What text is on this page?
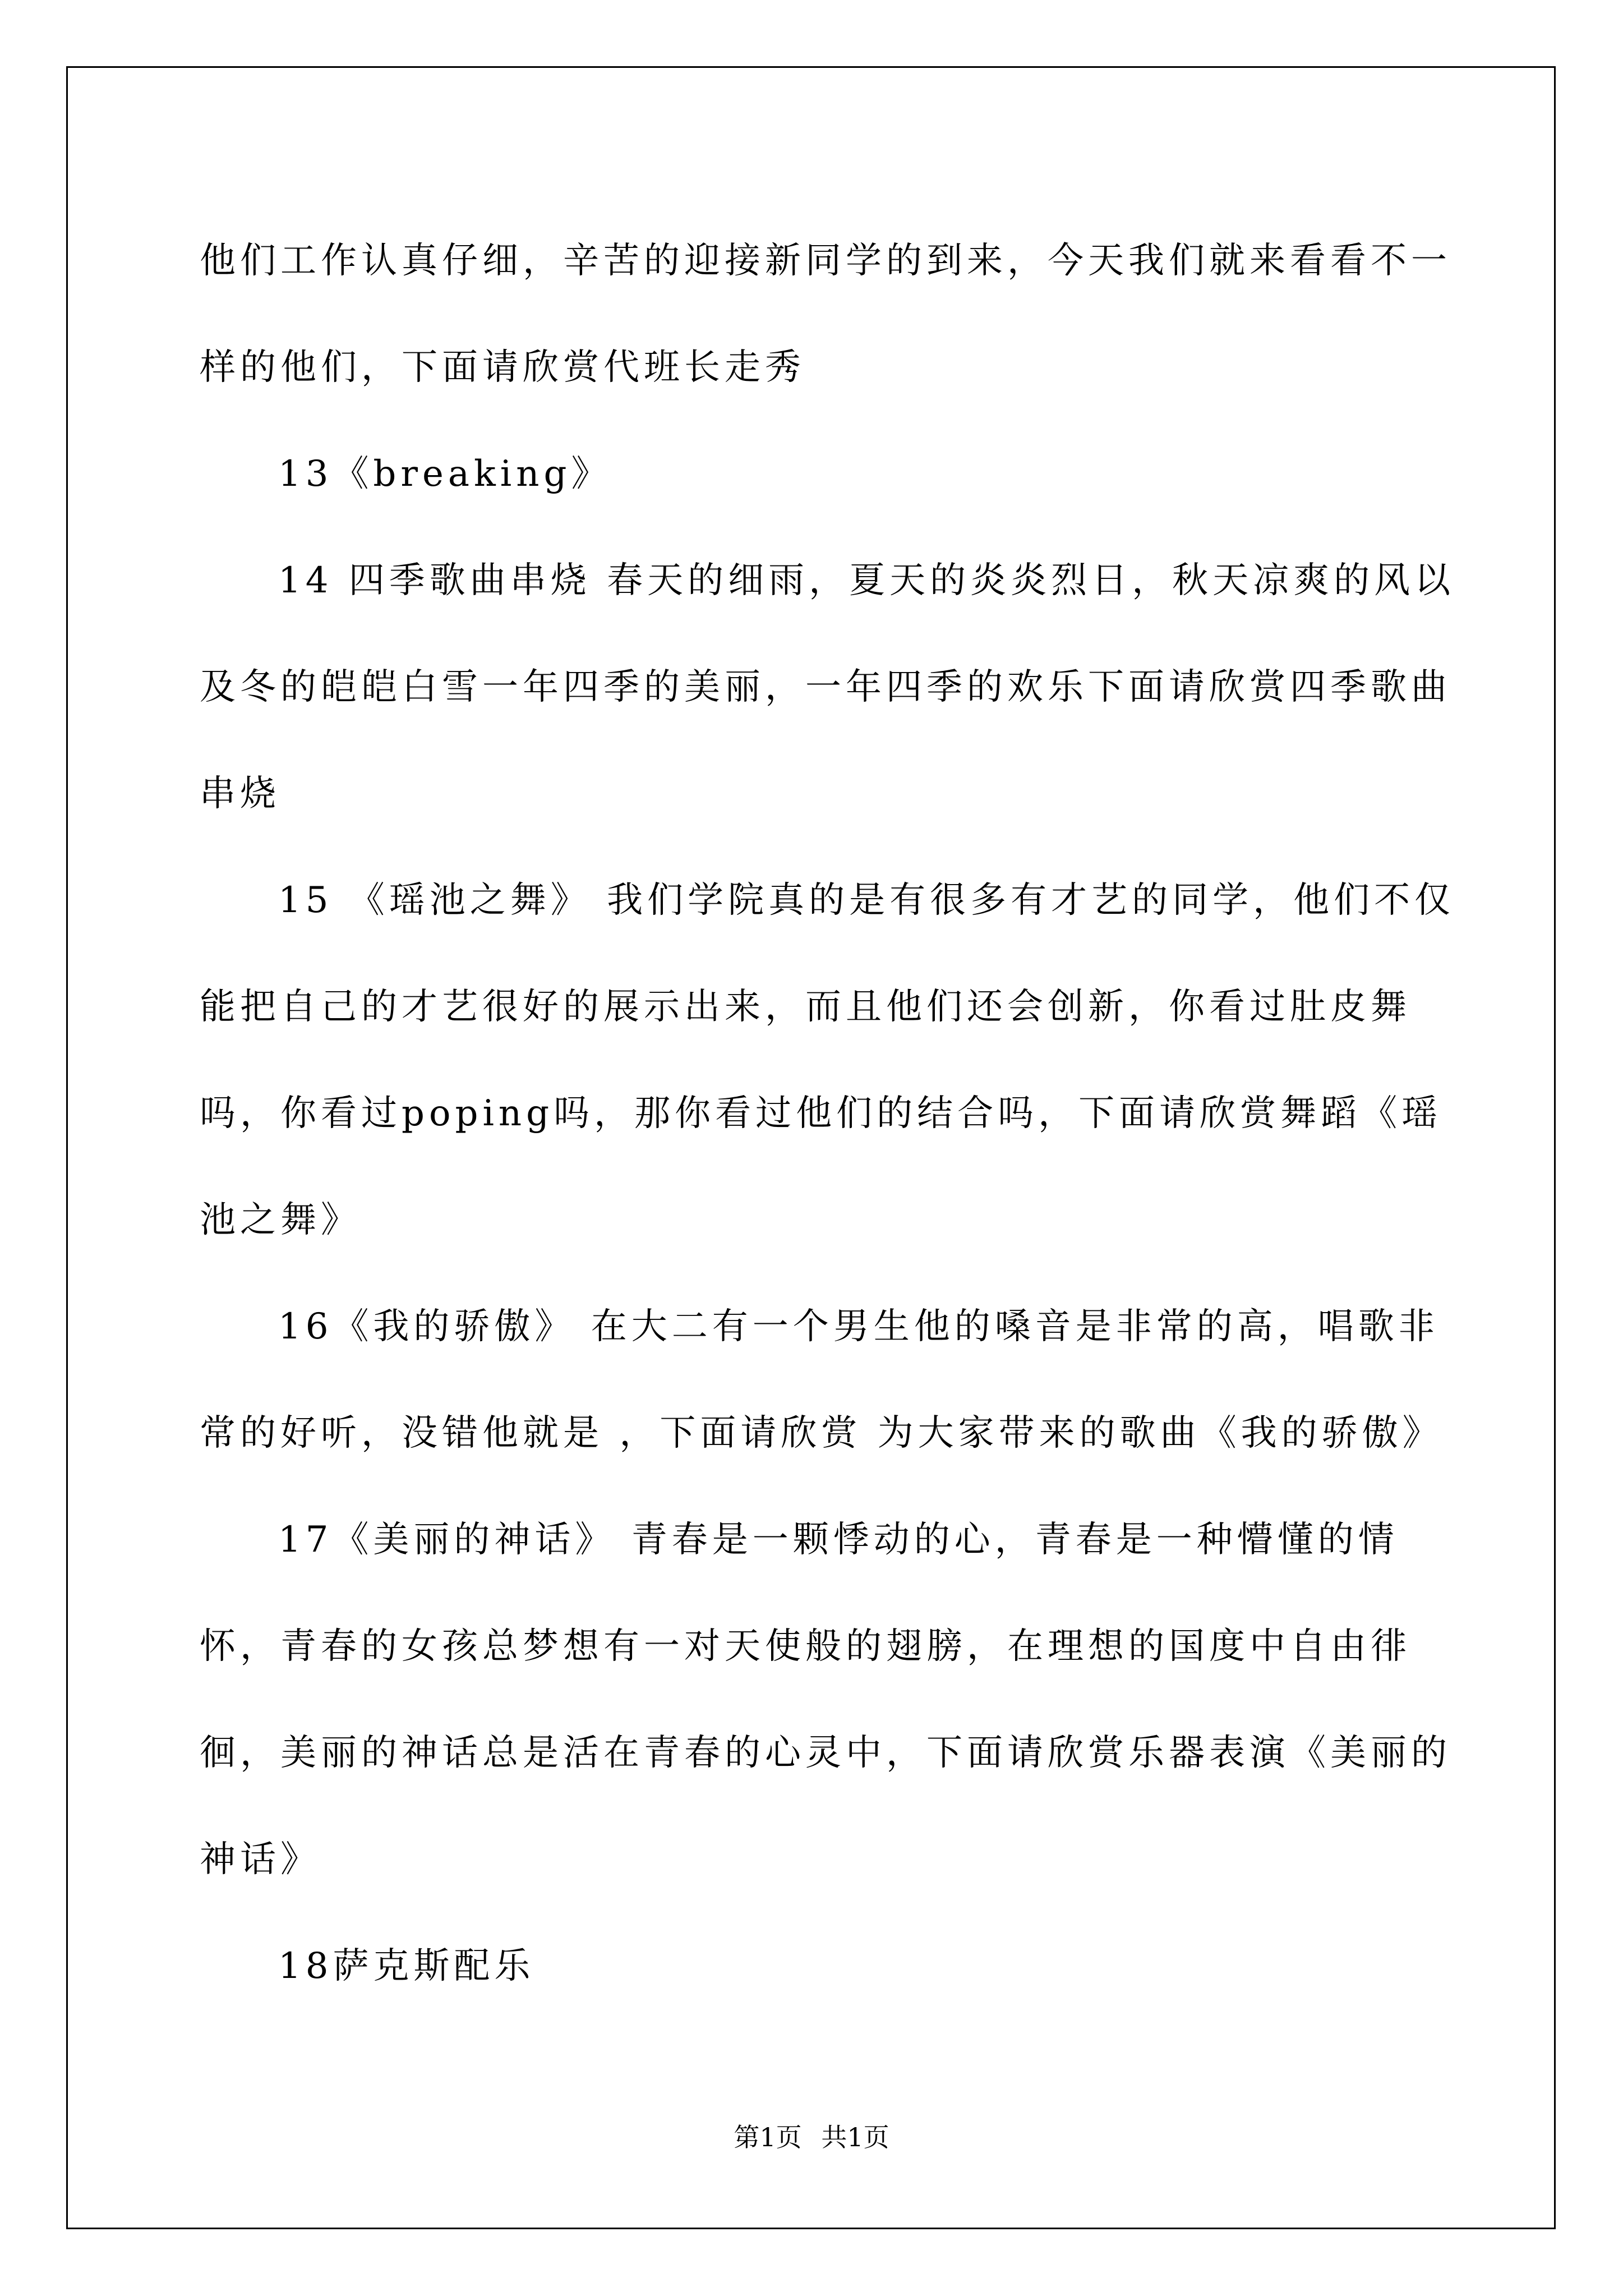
他们工作认真仔细，辛苦的迎接新同学的到来，今天我们就来看看不一样的他们，下面请欣赏代班长走秀

13《breaking》

14 四季歌曲串烧 春天的细雨，夏天的炎炎烈日，秋天凉爽的风以及冬的皑皑白雪一年四季的美丽，一年四季的欢乐下面请欣赏四季歌曲串烧

15 《瑶池之舞》 我们学院真的是有很多有才艺的同学，他们不仅能把自己的才艺很好的展示出来，而且他们还会创新，你看过肚皮舞吗，你看过poping吗，那你看过他们的结合吗，下面请欣赏舞蹈《瑶池之舞》

16《我的骄傲》 在大二有一个男生他的嗓音是非常的高，唱歌非常的好听，没错他就是 ，下面请欣赏 为大家带来的歌曲《我的骄傲》

17《美丽的神话》 青春是一颗悸动的心，青春是一种懵懂的情怀，青春的女孩总梦想有一对天使般的翅膀，在理想的国度中自由徘徊，美丽的神话总是活在青春的心灵中，下面请欣赏乐器表演《美丽的神话》

18萨克斯配乐

第1页 共1页
